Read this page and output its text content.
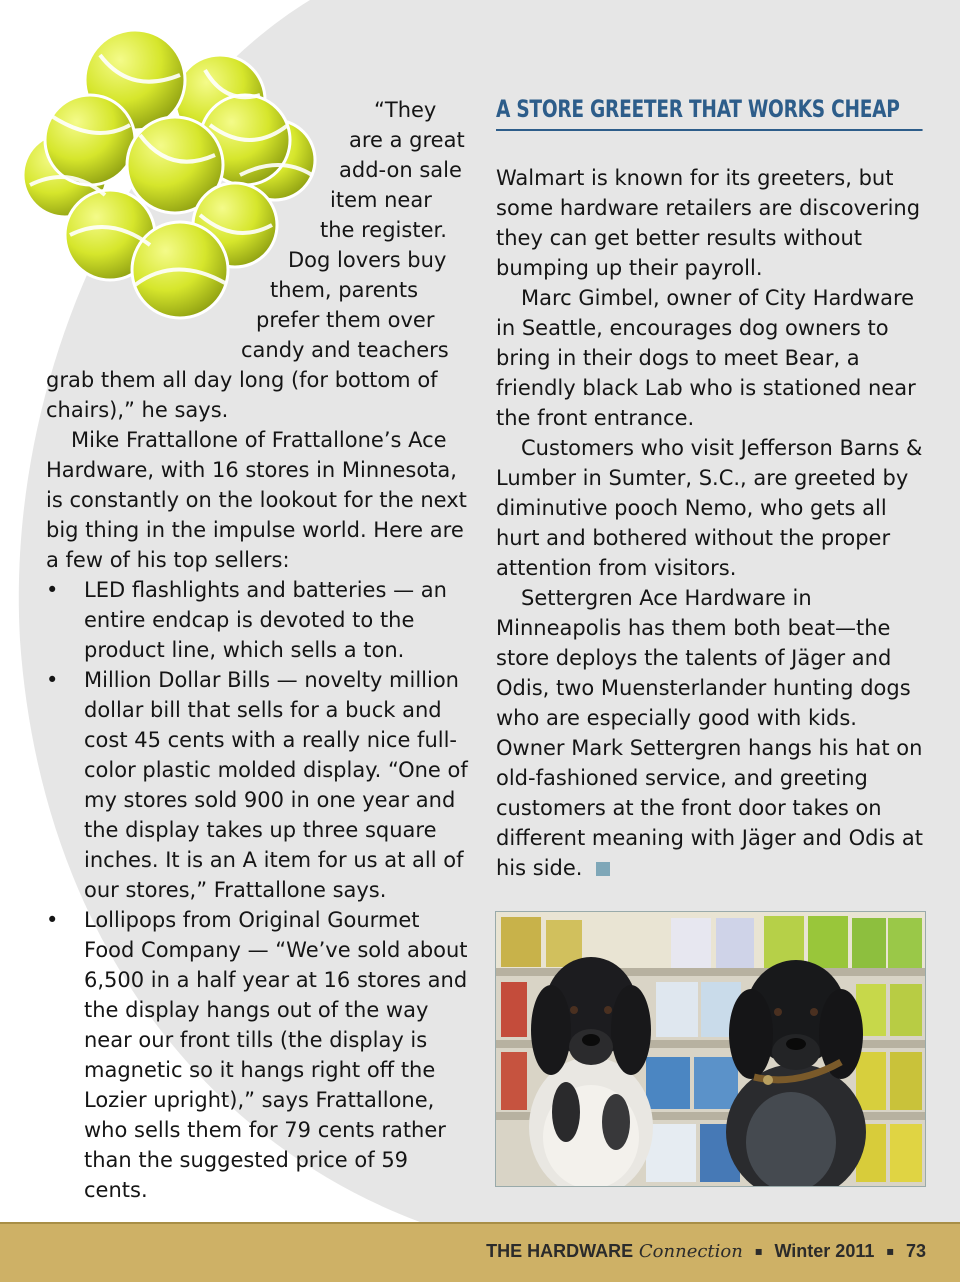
“They
are a great
add-on sale
item near
the register.
Dog lovers buy
them, parents
prefer them over
candy and teachers

grab them all day long (for bottom of chairs),” he says.

Mike Frattallone of Frattallone’s Ace Hardware, with 16 stores in Minnesota, is constantly on the lookout for the next big thing in the impulse world. Here are a few of his top sellers:

• LED flashlights and batteries — an entire endcap is devoted to the product line, which sells a ton.
• Million Dollar Bills — novelty million dollar bill that sells for a buck and cost 45 cents with a really nice full-color plastic molded display. “One of my stores sold 900 in one year and the display takes up three square inches. It is an A item for us at all of our stores,” Frattallone says.
• Lollipops from Original Gourmet Food Company — “We’ve sold about 6,500 in a half year at 16 stores and the display hangs out of the way near our front tills (the display is magnetic so it hangs right off the Lozier upright),” says Frattallone, who sells them for 79 cents rather than the suggested price of 59 cents.
A STORE GREETER THAT WORKS CHEAP

Walmart is known for its greeters, but some hardware retailers are discovering they can get better results without bumping up their payroll.

Marc Gimbel, owner of City Hardware in Seattle, encourages dog owners to bring in their dogs to meet Bear, a friendly black Lab who is stationed near the front entrance.

Customers who visit Jefferson Barns & Lumber in Sumter, S.C., are greeted by diminutive pooch Nemo, who gets all hurt and bothered without the proper attention from visitors.

Settergren Ace Hardware in Minneapolis has them both beat—the store deploys the talents of Jäger and Odis, two Muensterlander hunting dogs who are especially good with kids. Owner Mark Settergren hangs his hat on old-fashioned service, and greeting customers at the front door takes on different meaning with Jäger and Odis at his side.

THE HARDWARE Connection ▪ Winter 2011 ▪ 73
